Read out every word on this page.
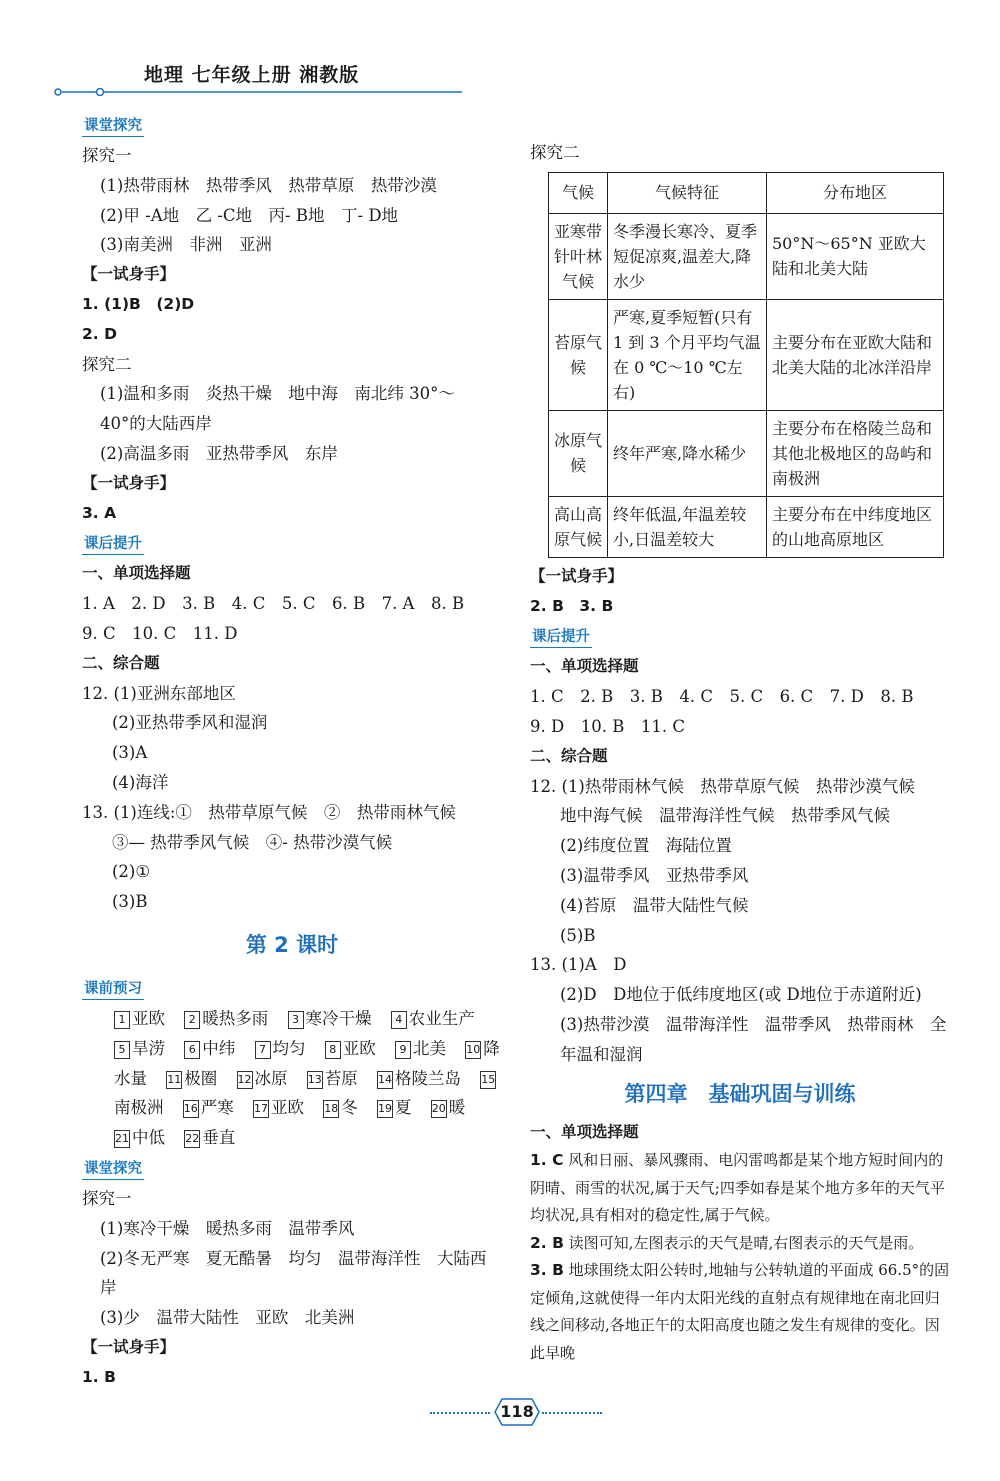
地理 七年级上册 湘教版
课堂探究
探究一
(1)热带雨林　热带季风　热带草原　热带沙漠
(2)甲 -A地　乙 -C地　丙- B地　丁- D地
(3)南美洲　非洲　亚洲
【一试身手】
1. (1)B　(2)D
2. D
探究二
(1)温和多雨　炎热干燥　地中海　南北纬 30°～
40°的大陆西岸
(2)高温多雨　亚热带季风　东岸
【一试身手】
3. A
课后提升
一、单项选择题
1. A　2. D　3. B　4. C　5. C　6. B　7. A　8. B
9. C　10. C　11. D
二、综合题
12. (1)亚洲东部地区
(2)亚热带季风和湿润
(3)A
(4)海洋
13. (1)连线:①　热带草原气候　②　热带雨林气候
③— 热带季风气候　④- 热带沙漠气候
(2)①
(3)B
第 2 课时
课前预习
1 亚欧 2 暖热多雨 3 寒冷干燥 4 农业生产 5 旱涝 6 中纬 7 均匀 8 亚欧 9 北美 10 降水量 11 极圈 12 冰原 13 苔原 14 格陵兰岛 15南极洲 16 严寒 17 亚欧 18 冬 19 夏 20 暖 21 中低 22 垂直
课堂探究
探究一
(1)寒冷干燥　暖热多雨　温带季风
(2)冬无严寒　夏无酷暑　均匀　温带海洋性　大陆西岸
(3)少　温带大陆性　亚欧　北美洲
【一试身手】
1. B
探究二
气候	气候特征	分布地区
亚寒带针叶林气候	冬季漫长寒冷、夏季短促凉爽,温差大,降水少	50°N～65°N 亚欧大陆和北美大陆
苔原气候	严寒,夏季短暂(只有 1 到 3 个月平均气温在 0 ℃～10 ℃左右)	主要分布在亚欧大陆和北美大陆的北冰洋沿岸
冰原气候	终年严寒,降水稀少	主要分布在格陵兰岛和其他北极地区的岛屿和南极洲
高山高原气候	终年低温,年温差较小,日温差较大	主要分布在中纬度地区的山地高原地区
【一试身手】
2. B　3. B
课后提升
一、单项选择题
1. C　2. B　3. B　4. C　5. C　6. C　7. D　8. B
9. D　10. B　11. C
二、综合题
12. (1)热带雨林气候　热带草原气候　热带沙漠气候
地中海气候　温带海洋性气候　热带季风气候
(2)纬度位置　海陆位置
(3)温带季风　亚热带季风
(4)苔原　温带大陆性气候
(5)B
13. (1)A　D
(2)D　D地位于低纬度地区(或 D地位于赤道附近)
(3)热带沙漠　温带海洋性　温带季风　热带雨林　全年温和湿润
第四章　基础巩固与训练
一、单项选择题
1. C 风和日丽、暴风骤雨、电闪雷鸣都是某个地方短时间内的阴晴、雨雪的状况,属于天气;四季如春是某个地方多年的天气平均状况,具有相对的稳定性,属于气候。
2. B 读图可知,左图表示的天气是晴,右图表示的天气是雨。
3. B 地球围绕太阳公转时,地轴与公转轨道的平面成 66.5°的固定倾角,这就使得一年内太阳光线的直射点有规律地在南北回归线之间移动,各地正午的太阳高度也随之发生有规律的变化。因此早晚
118
